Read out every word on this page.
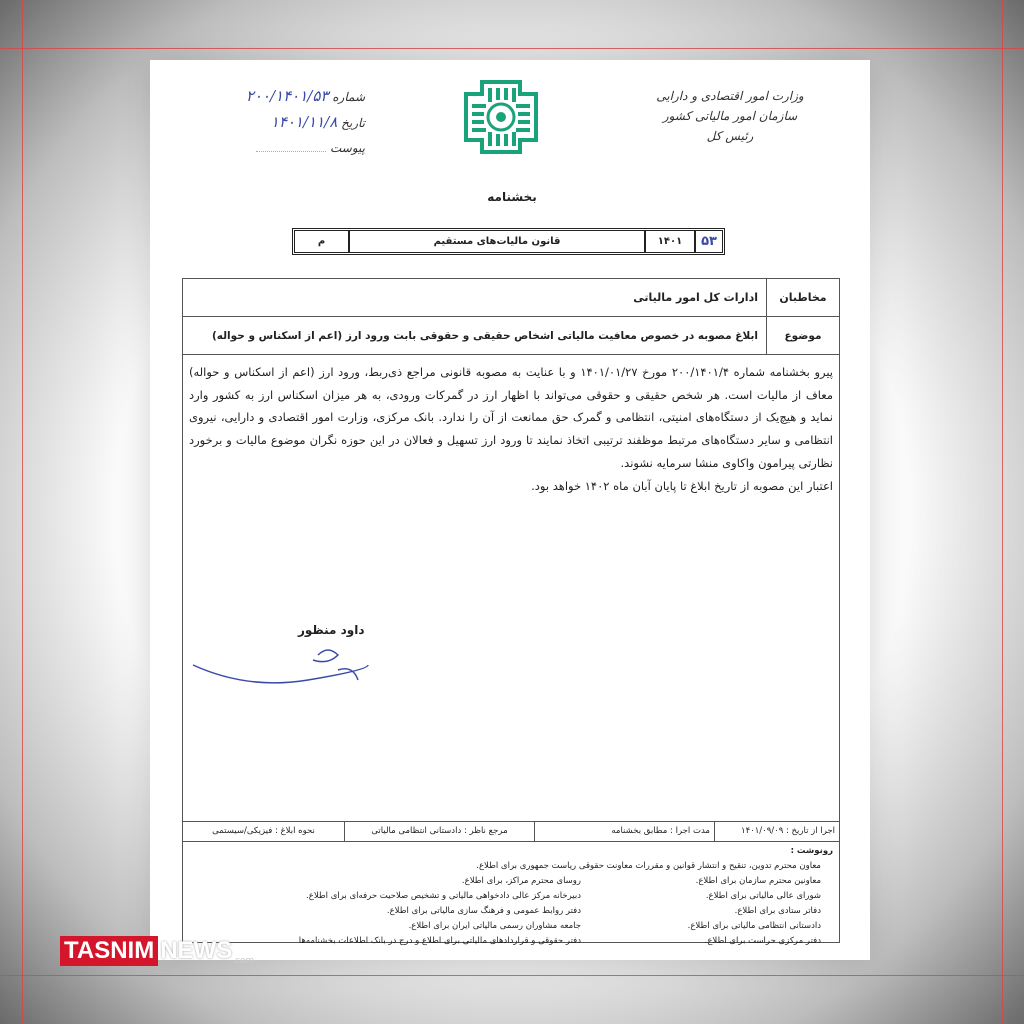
وزارت امور اقتصادی و دارایی
سازمان امور مالیاتی کشور
رئیس کل
شماره ۲۰۰/۱۴۰۱/۵۳
تاریخ ۱۴۰۱/۱۱/۸
پیوست
بخشنامه
۵۳
۱۴۰۱
قانون مالیات‌های مستقیم
م
مخاطبان
ادارات کل امور مالیاتی
موضوع
ابلاغ مصوبه در خصوص معافیت مالیاتی اشخاص حقیقی و حقوقی بابت ورود ارز (اعم از اسکناس و حواله)

پیرو بخشنامه شماره ۲۰۰/۱۴۰۱/۴ مورخ ۱۴۰۱/۰۱/۲۷ و با عنایت به مصوبه قانونی مراجع ذی‌ربط، ورود ارز (اعم از اسکناس و حواله) معاف از مالیات است. هر شخص حقیقی و حقوقی می‌تواند با اظهار ارز در گمرکات ورودی، به هر میزان اسکناس ارز به کشور وارد نماید و هیچ‌یک از دستگاه‌های امنیتی، انتظامی و گمرک حق ممانعت از آن را ندارد. بانک مرکزی، وزارت امور اقتصادی و دارایی، نیروی انتظامی و سایر دستگاه‌های مرتبط موظفند ترتیبی اتخاذ نمایند تا ورود ارز تسهیل و فعالان در این حوزه نگران موضوع مالیات و برخورد نظارتی پیرامون واکاوی منشا سرمایه نشوند.

اعتبار این مصوبه از تاریخ ابلاغ تا پایان آبان ماه ۱۴۰۲ خواهد بود.

داود منظور
اجرا از تاریخ : ۱۴۰۱/۰۹/۰۹
مدت اجرا : مطابق بخشنامه
مرجع ناظر : دادستانی انتظامی مالیاتی
نحوه ابلاغ : فیزیکی/سیستمی
رونوشت :
معاون محترم تدوین، تنقیح و انتشار قوانین و مقررات معاونت حقوقی ریاست جمهوری برای اطلاع.
معاونین محترم سازمان برای اطلاع.
شورای عالی مالیاتی برای اطلاع.
دفاتر ستادی برای اطلاع.
دادستانی انتظامی مالیاتی برای اطلاع.
دفتر مرکزی حراست برای اطلاع.
روسای محترم مراکز، برای اطلاع.
دبیرخانه مرکز عالی دادخواهی مالیاتی و تشخیص صلاحیت حرفه‌ای برای اطلاع.
دفتر روابط عمومی و فرهنگ سازی مالیاتی برای اطلاع.
جامعه مشاوران رسمی مالیاتی ایران برای اطلاع.
دفتر حقوقی و قراردادهای مالیاتی برای اطلاع و درج در بانک اطلاعات بخشنامه‌ها
TASNIM NEWS .com
